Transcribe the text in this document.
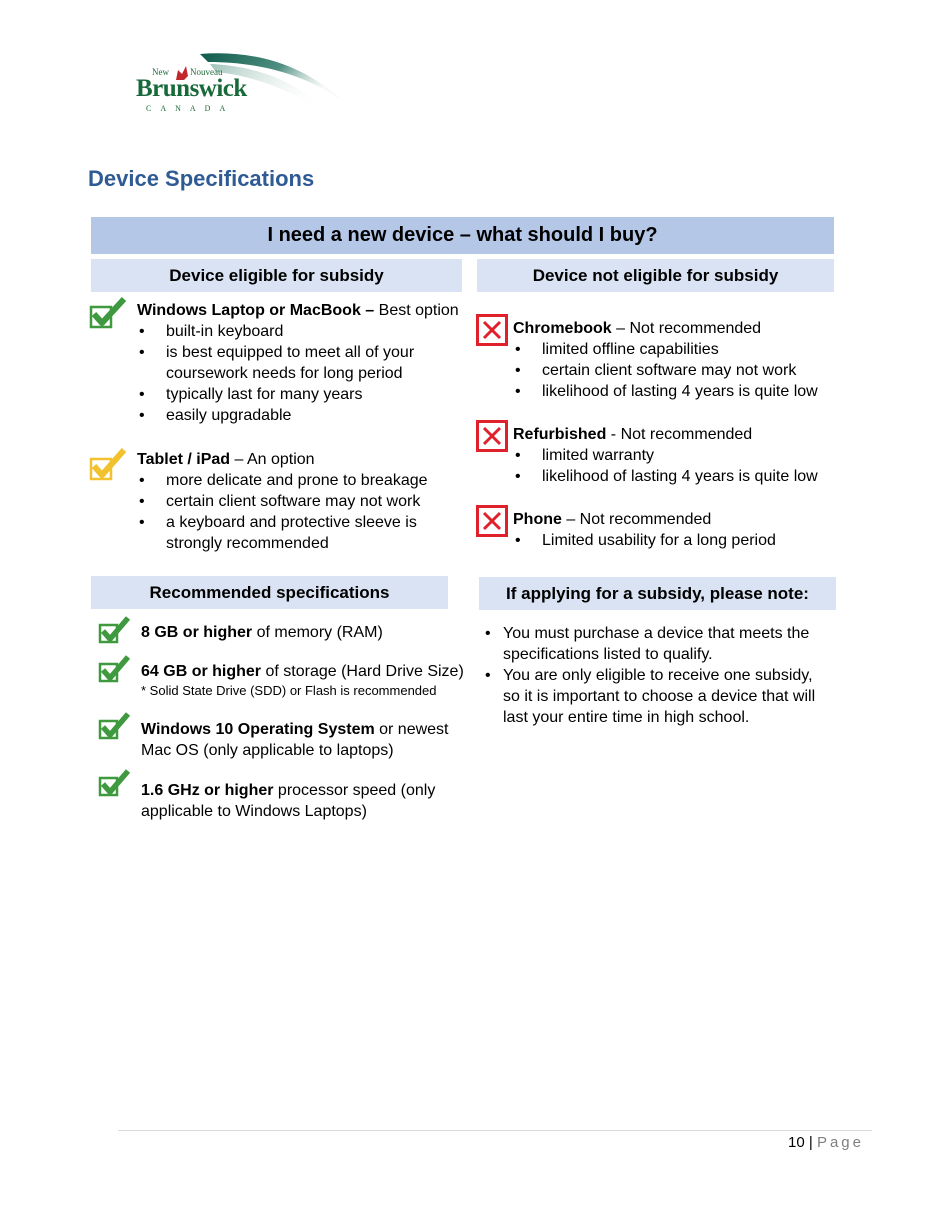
New Nouveau
Brunswick
CANADA
Device Specifications
I need a new device – what should I buy?
Device eligible for subsidy
Windows Laptop or MacBook – Best option
• built-in keyboard
• is best equipped to meet all of your coursework needs for long period
• typically last for many years
• easily upgradable
Tablet / iPad – An option
• more delicate and prone to breakage
• certain client software may not work
• a keyboard and protective sleeve is strongly recommended
Device not eligible for subsidy
Chromebook – Not recommended
• limited offline capabilities
• certain client software may not work
• likelihood of lasting 4 years is quite low
Refurbished - Not recommended
• limited warranty
• likelihood of lasting 4 years is quite low
Phone – Not recommended
• Limited usability for a long period
Recommended specifications
8 GB or higher of memory (RAM)
64 GB or higher of storage (Hard Drive Size)
* Solid State Drive (SDD) or Flash is recommended
Windows 10 Operating System or newest
Mac OS (only applicable to laptops)
1.6 GHz or higher processor speed (only
applicable to Windows Laptops)
If applying for a subsidy, please note:
• You must purchase a device that meets the specifications listed to qualify.
• You are only eligible to receive one subsidy, so it is important to choose a device that will last your entire time in high school.
10 | Page
